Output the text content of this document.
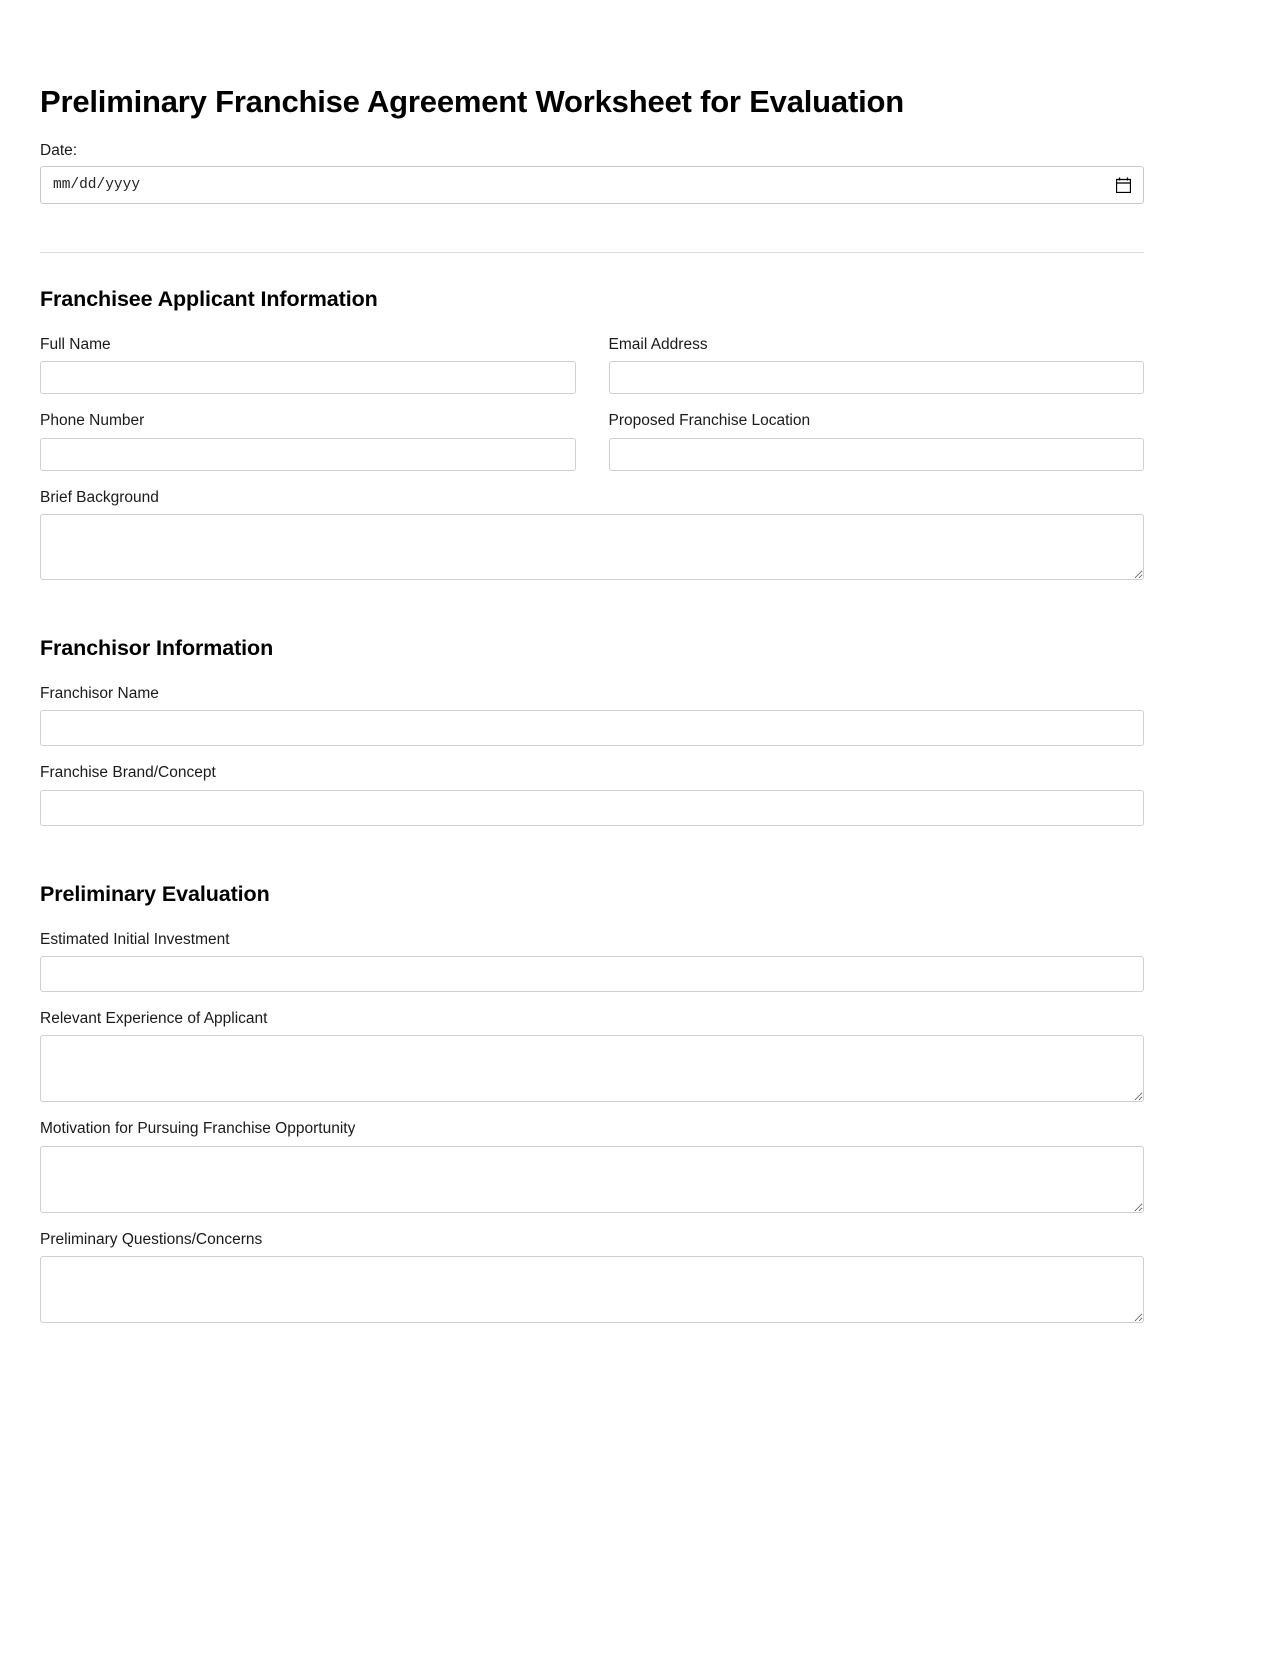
Preliminary Franchise Agreement Worksheet for Evaluation
Date:
mm/dd/yyyy
Franchisee Applicant Information
Full Name	Email Address
Phone Number	Proposed Franchise Location
Brief Background
Franchisor Information
Franchisor Name
Franchise Brand/Concept
Preliminary Evaluation
Estimated Initial Investment
Relevant Experience of Applicant
Motivation for Pursuing Franchise Opportunity
Preliminary Questions/Concerns
